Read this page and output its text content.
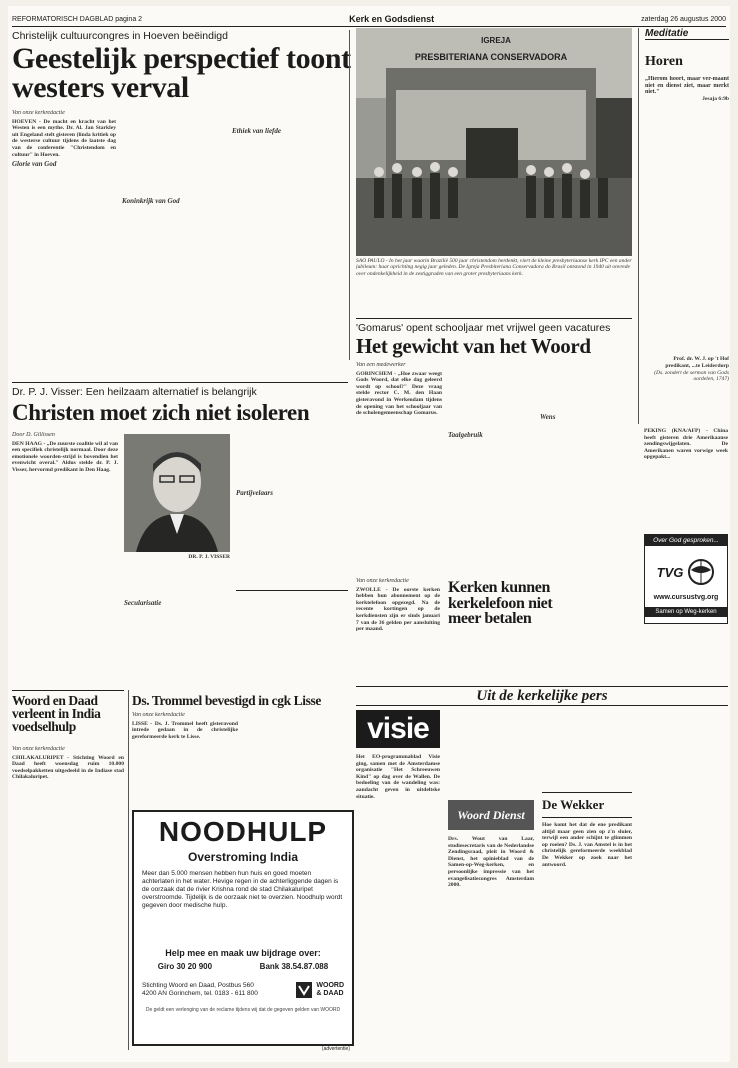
REFORMATORISCH DAGBLAD pagina 2	Kerk en Godsdienst	zaterdag 26 augustus 2000
Christelijk cultuurcongres in Hoeven beëindigd
Geestelijk perspectief toont westers verval
Van onze kerkredactie
HOEVEN - De macht en kracht van het Westen is een mythe. Dr. Al. Jan Starkley uit Engeland stelt gisteren (linda kritiek op de westerse cultuur tijdens de laatste dag van de conferentie "Christendom en cultuur" in Hoeven.
Glorie van God
Koninkrijk van God
Ethiek van liefde
IGREJA
PRESBITERIANA CONSERVADORA
SAO PAULO - In het jaar waarin Brazilië 500 jaar christendom herdenkt, viert de kleine presbyteriaanse kerk IPC een ander jubileum: haar oprichting negig jaar geleden. De Igreja Presbiteriana Conservadora do Brasil ontstond in 1940 uit onvrede over ondenkelijkheid in de zestiggraden van een groter presbyteriaans kerk.
Meditatie
Horen
„Hierom hoort, maar ver-maant niet en dienst ziet, maar merkt niet."
Jesaja 6:9b
Prof. dr. W. J. op 't Hof
predikant, ...te Leiderdorp
(Ds. zondert de sermon van Gods oordelen, 1747)
'Gomarus' opent schooljaar met vrijwel geen vacatures
Het gewicht van het Woord
Van een medewerker
GORINCHEM - „Hoe zwaar weegt Gods Woord, dat elke dag geleerd wordt op school?" Deze vraag stelde rector C. M. den Haan gisteravond in Werkendam tijdens de opening van het schooljaar van de scholengemeenschap Gomarus.
Taalgebruik
Wens
PEKING (KNA/AFP) - China heeft gisteren drie Amerikaanse zendingswijgelaten. De Amerikanen waren vorwige week opgepakt...
Over God gesproken...
TVG
www.cursustvg.org
Samen op Weg-kerken
Dr. P. J. Visser: Een heilzaam alternatief is belangrijk
Christen moet zich niet isoleren
Door D. Gillissen
DEN HAAG - „De zuurste coalitie wil al van een specifiek christelijk normaal. Door deze emotionele woorden-strijd is bovendien het evenwicht overal." Aldus stelde dr. P. J. Visser, hervormd predikant in Den Haag.
DR. P. J. VISSER
Secularisatie
Partijvelaars
Van onze kerkredactie
ZWOLLE - De oorste kerken hebben hun abonnement op de kerktelefoon opgezegd. Na de recente kortingen op de kerkdiensten zijn er sinds januari 7 van de 36 gelden per aansluiting per maand.
Kerken kunnen kerkelefoon niet meer betalen
Uit de kerkelijke pers
Woord en Daad verleent in India voedselhulp
Van onze kerkredactie
CHILAKALURIPET - Stichting Woord en Daad heeft woensdag ruim 10.000 voedselpakketten uitgedeeld in de Indiase stad Chilakaluripet.
Ds. Trommel bevestigd in cgk Lisse
Van onze kerkredactie
LISSE - Ds. J. Trommel heeft gisteravond intrede gedaan in de christelijke gereformeerde kerk te Lisse.
NOODHULP
Overstroming India
Meer dan 5.000 mensen hebben hun huis en goed moeten achterlaten in het water. Hevige regen in de achterliggende dagen is de oorzaak dat de rivier Krishna rond de stad Chilakaluripet overstroomde. Tijdelijk is de oorzaak niet te overzien. Noodhulp wordt gegeven door medische hulp.
Help mee en maak uw bijdrage over:
Giro 30 20 900	Bank 38.54.87.088
Stichting Woord en Daad, Postbus 560
4200 AN Gorinchem, tel. 0183 - 611 800
WOORD
& DAAD
De geldt een verlenging van de reclame tijdens wij dat de gegeven gelden van WOORD
(advertentie)
visie
Het EO-programmablad Visie ging, samen met de Amsterdamse organisatie "Het Schreeuwen Kind" op dag over de Wallen. De bedoeling van de wandeling was: aandacht geven in uitdeltske situatie.
Woord Dienst
Drs. Wout van Laar, studiesecretaris van de Nederlandse Zendingsraad, pleit in Woord & Dienst, het opinieblad van de Samen-op-Weg-kerken, en persoonlijke impressie van het evangelisatiecongres Amsterdam 2000.
De Wekker
Hoe komt het dat de ene predikant altijd maar geen zien op z'n sluier, terwijl een ander schijnt te glimmen op roeien? Ds. J. van Amstel is in het christelijk gereformeerde weekblad De Wekker op zoek naar het antwoord.
